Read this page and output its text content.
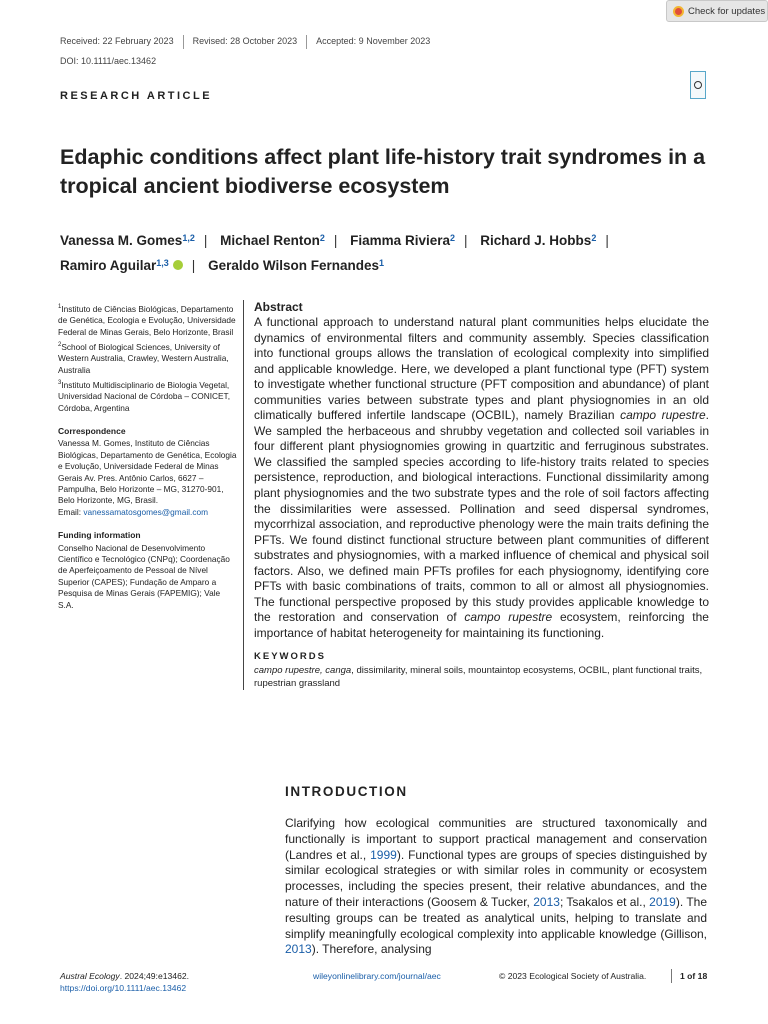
Check for updates
Received: 22 February 2023 Revised: 28 October 2023 Accepted: 9 November 2023
DOI: 10.1111/aec.13462
RESEARCH ARTICLE
Edaphic conditions affect plant life-history trait syndromes in a tropical ancient biodiverse ecosystem
Vanessa M. Gomes$^{1,2}$ | Michael Renton$^2$ | Fiamma Riviera$^2$ | Richard J. Hobbs$^2$ |
Ramiro Aguilar$^{1,3}$ | Geraldo Wilson Fernandes$^1$
$^1$Instituto de Ciências Biológicas, Departamento de Genética, Ecologia e Evolução, Universidade Federal de Minas Gerais, Belo Horizonte, Brasil
$^2$School of Biological Sciences, University of Western Australia, Crawley, Western Australia, Australia
$^3$Instituto Multidisciplinario de Biologia Vegetal, Universidad Nacional de Córdoba – CONICET, Córdoba, Argentina
Correspondence
Vanessa M. Gomes, Instituto de Ciências Biológicas, Departamento de Genética, Ecologia e Evolução, Universidade Federal de Minas Gerais Av. Pres. Antônio Carlos, 6627 – Pampulha, Belo Horizonte – MG, 31270-901, Belo Horizonte, MG, Brasil.
Email: vanessamatosgomes@gmail.com
Funding information
Conselho Nacional de Desenvolvimento Científico e Tecnológico (CNPq); Coordenação de Aperfeiçoamento de Pessoal de Nível Superior (CAPES); Fundação de Amparo a Pesquisa de Minas Gerais (FAPEMIG); Vale S.A.
Abstract

A functional approach to understand natural plant communities helps elucidate the dynamics of environmental filters and community assembly. Species classification into functional groups allows the translation of ecological complexity into simplified and applicable knowledge. Here, we developed a plant functional type (PFT) system to investigate whether functional structure (PFT composition and abundance) of plant communities varies between substrate types and plant physiognomies in an old climatically buffered infertile landscape (OCBIL), namely Brazilian campo rupestre. We sampled the herbaceous and shrubby vegetation and collected soil variables in four different plant physiognomies growing in quartzitic and ferruginous substrates. We classified the sampled species according to life-history traits related to species persistence, reproduction, and biological interactions. Functional dissimilarity among plant physiognomies and the two substrate types and the role of soil factors affecting the dissimilarities were assessed. Pollination and seed dispersal syndromes, mycorrhizal association, and reproductive phenology were the main traits defining the PFTs. We found distinct functional structure between plant communities of different substrates and physiognomies, with a marked influence of chemical and physical soil factors. Also, we defined main PFTs profiles for each physiognomy, identifying core PFTs with basic combinations of traits, common to all or almost all physiognomies. The functional perspective proposed by this study provides applicable knowledge to the restoration and conservation of campo rupestre ecosystem, reinforcing the importance of habitat heterogeneity for maintaining its functioning.

KEYWORDS
campo rupestre, canga, dissimilarity, mineral soils, mountaintop ecosystems, OCBIL, plant functional traits, rupestrian grassland
INTRODUCTION

Clarifying how ecological communities are structured taxonomically and functionally is important to support practical management and conservation (Landres et al., 1999). Functional types are groups of species distinguished by similar ecological strategies or with similar roles in community or ecosystem processes, including the species present, their relative abundances, and the nature of their interactions (Goosem & Tucker, 2013; Tsakalos et al., 2019). The resulting groups can be treated as analytical units, helping to translate and simplify meaningfully ecological complexity into applicable knowledge (Gillison, 2013). Therefore, analysing

Austral Ecology. 2024;49:e13462.
https://doi.org/10.1111/aec.13462
wileyonlinelibrary.com/journal/aec	© 2023 Ecological Society of Australia.	1 of 18
